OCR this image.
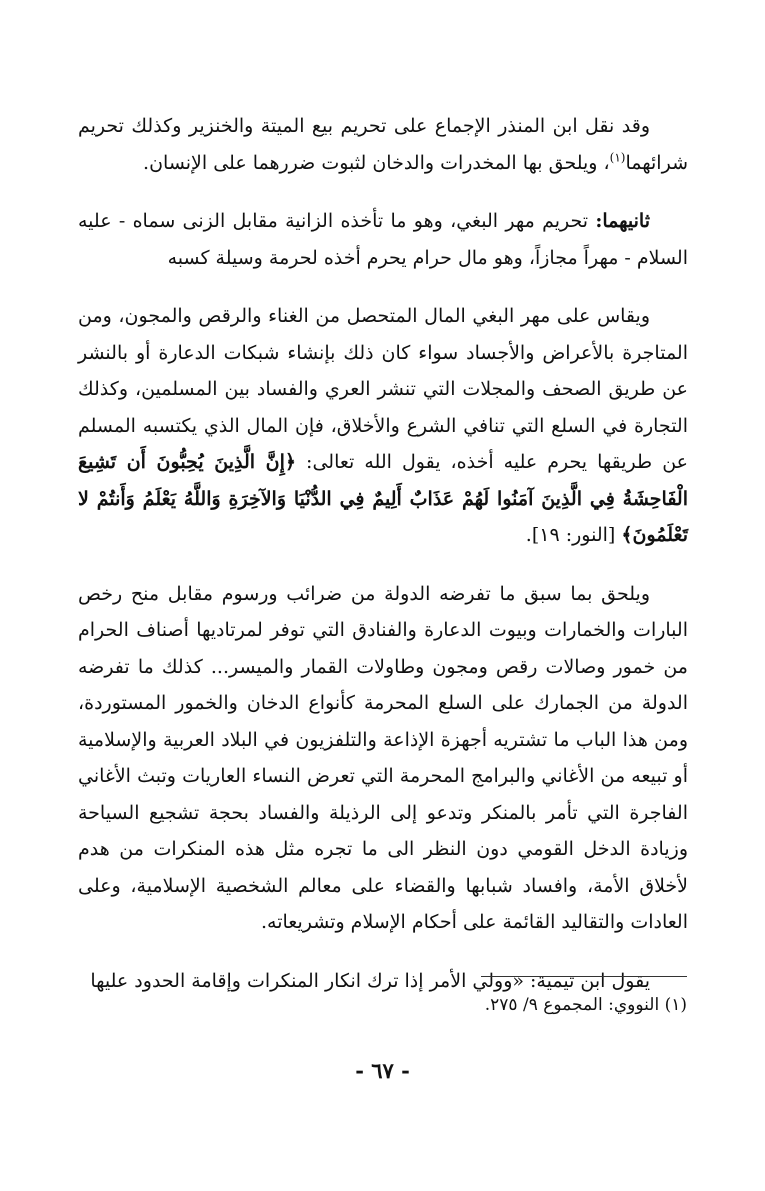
وقد نقل ابن المنذر الإجماع على تحريم بيع الميتة والخنزير وكذلك تحريم شرائهما$^{(١)}$، ويلحق بها المخدرات والدخان لثبوت ضررهما على الإنسان.

ثانيهما: تحريم مهر البغي، وهو ما تأخذه الزانية مقابل الزنى سماه - عليه السلام - مهراً مجازاً، وهو مال حرام يحرم أخذه لحرمة وسيلة كسبه

ويقاس على مهر البغي المال المتحصل من الغناء والرقص والمجون، ومن المتاجرة بالأعراض والأجساد سواء كان ذلك بإنشاء شبكات الدعارة أو بالنشر عن طريق الصحف والمجلات التي تنشر العري والفساد بين المسلمين، وكذلك التجارة في السلع التي تنافي الشرع والأخلاق، فإن المال الذي يكتسبه المسلم عن طريقها يحرم عليه أخذه، يقول الله تعالى: ﴿إِنَّ الَّذِينَ يُحِبُّونَ أَن تَشِيعَ الْفَاحِشَةُ فِي الَّذِينَ آمَنُوا لَهُمْ عَذَابٌ أَلِيمٌ فِي الدُّنْيَا وَالآخِرَةِ وَاللَّهُ يَعْلَمُ وَأَنتُمْ لا تَعْلَمُونَ﴾ [النور: ١٩].

ويلحق بما سبق ما تفرضه الدولة من ضرائب ورسوم مقابل منح رخص البارات والخمارات وبيوت الدعارة والفنادق التي توفر لمرتاديها أصناف الحرام من خمور وصالات رقص ومجون وطاولات القمار والميسر... كذلك ما تفرضه الدولة من الجمارك على السلع المحرمة كأنواع الدخان والخمور المستوردة، ومن هذا الباب ما تشتريه أجهزة الإذاعة والتلفزيون في البلاد العربية والإسلامية أو تبيعه من الأغاني والبرامج المحرمة التي تعرض النساء العاريات وتبث الأغاني الفاجرة التي تأمر بالمنكر وتدعو إلى الرذيلة والفساد بحجة تشجيع السياحة وزيادة الدخل القومي دون النظر الى ما تجره مثل هذه المنكرات من هدم لأخلاق الأمة، وافساد شبابها والقضاء على معالم الشخصية الإسلامية، وعلى العادات والتقاليد القائمة على أحكام الإسلام وتشريعاته.

يقول ابن تيمية: «وولي الأمر إذا ترك انكار المنكرات وإقامة الحدود عليها

(١) النووي: المجموع ٩/ ٢٧٥.
- ٦٧ -
